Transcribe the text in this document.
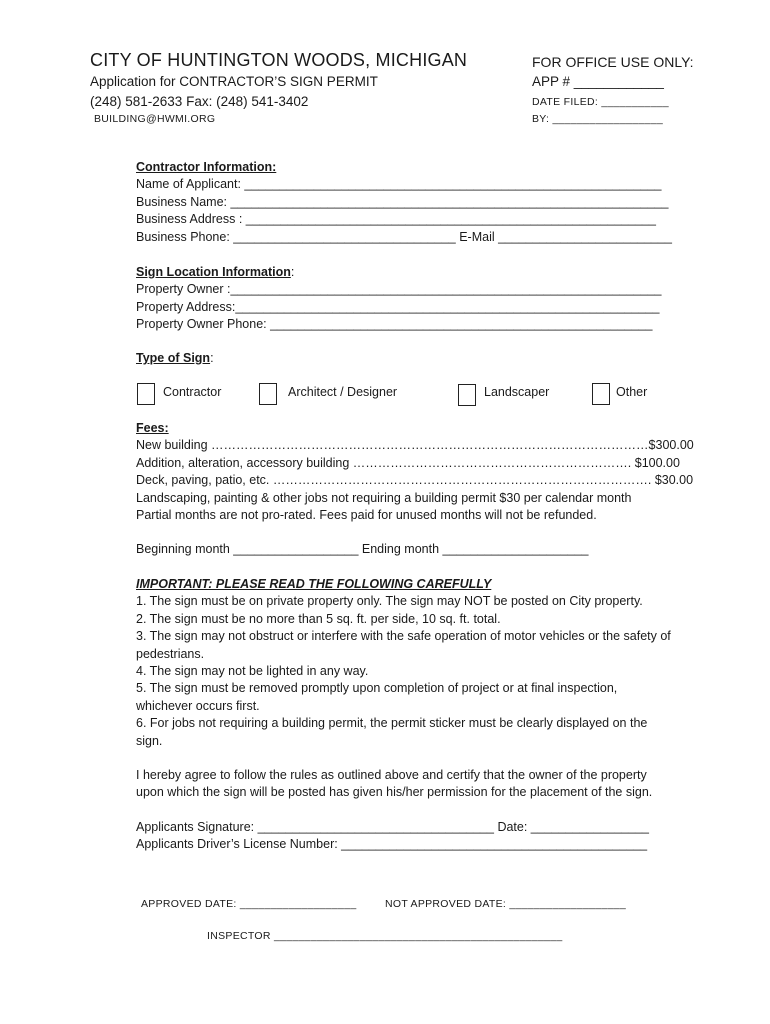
CITY OF HUNTINGTON WOODS, MICHIGAN
Application for CONTRACTOR’S SIGN PERMIT
(248) 581-2633 Fax: (248) 541-3402
BUILDING@HWMI.ORG
FOR OFFICE USE ONLY:
APP # ____________
DATE FILED: ___________
BY: __________________
Contractor Information:
Name of Applicant: ____________________________________________________________
Business Name: _______________________________________________________________
Business Address : ___________________________________________________________
Business Phone: ________________________________ E-Mail _________________________
Sign Location Information:
Property Owner :______________________________________________________________
Property Address:_____________________________________________________________
Property Owner Phone: _______________________________________________________
Type of Sign:
Contractor	Architect / Designer	Landscaper	Other
Fees:
New building ……………………………………………………………………………………………$300.00
Addition, alteration, accessory building …………………………………………………………. $100.00
Deck, paving, patio, etc. ………………………………………………………………………………. $30.00
Landscaping, painting & other jobs not requiring a building permit $30 per calendar month
Partial months are not pro-rated. Fees paid for unused months will not be refunded.
Beginning month __________________ Ending month _____________________
IMPORTANT: PLEASE READ THE FOLLOWING CAREFULLY
1. The sign must be on private property only. The sign may NOT be posted on City property.
2. The sign must be no more than 5 sq. ft. per side, 10 sq. ft. total.
3. The sign may not obstruct or interfere with the safe operation of motor vehicles or the safety of pedestrians.
4. The sign may not be lighted in any way.
5. The sign must be removed promptly upon completion of project or at final inspection, whichever occurs first.
6. For jobs not requiring a building permit, the permit sticker must be clearly displayed on the sign.
I hereby agree to follow the rules as outlined above and certify that the owner of the property upon which the sign will be posted has given his/her permission for the placement of the sign.
Applicants Signature: __________________________________ Date: _________________
Applicants Driver’s License Number: ____________________________________________
APPROVED DATE: ___________________	NOT APPROVED DATE: ___________________
INSPECTOR _______________________________________________
